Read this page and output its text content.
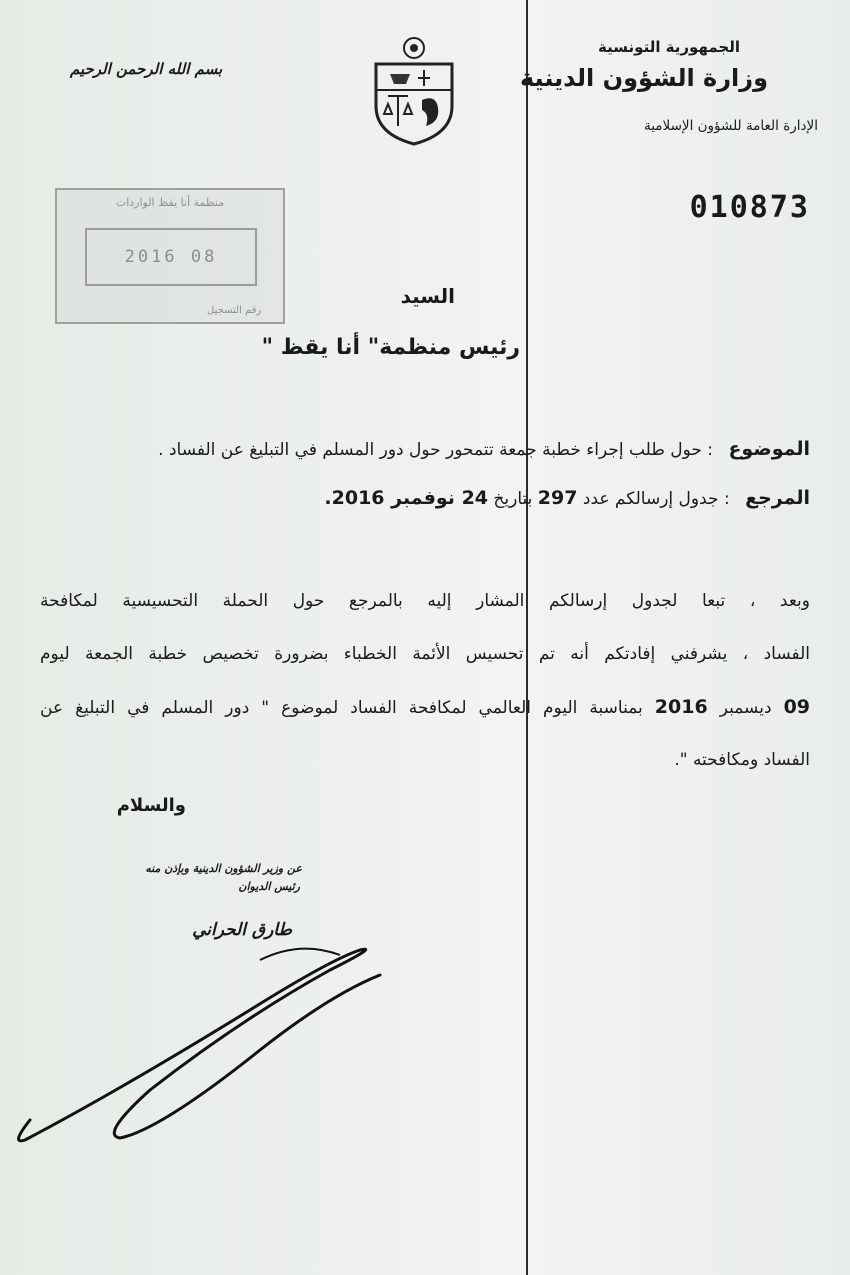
الجمهورية التونسية
وزارة الشؤون الدينية
الإدارة العامة للشؤون الإسلامية
010873
بسم الله الرحمن الرحيم
منظمة أنا يقظ الواردات
2016 08
رقم التسجيل
السيد
رئيس منظمة" أنا يقظ "
الموضوع : حول طلب إجراء خطبة جمعة تتمحور حول دور المسلم في التبليغ عن الفساد .
المرجع : جدول إرسالكم عدد 297 بتاريخ 24 نوفمبر 2016.
وبعد ، تبعا لجدول إرسالكم المشار إليه بالمرجع حول الحملة التحسيسية لمكافحة
الفساد ، يشرفني إفادتكم أنه تم تحسيس الأئمة الخطباء بضرورة تخصيص خطبة الجمعة ليوم
09 ديسمبر 2016 بمناسبة اليوم العالمي لمكافحة الفساد لموضوع " دور المسلم في التبليغ عن
الفساد ومكافحته ".
والسلام
عن وزير الشؤون الدينية وبإذن منه
رئيس الديوان
طارق الحراني
